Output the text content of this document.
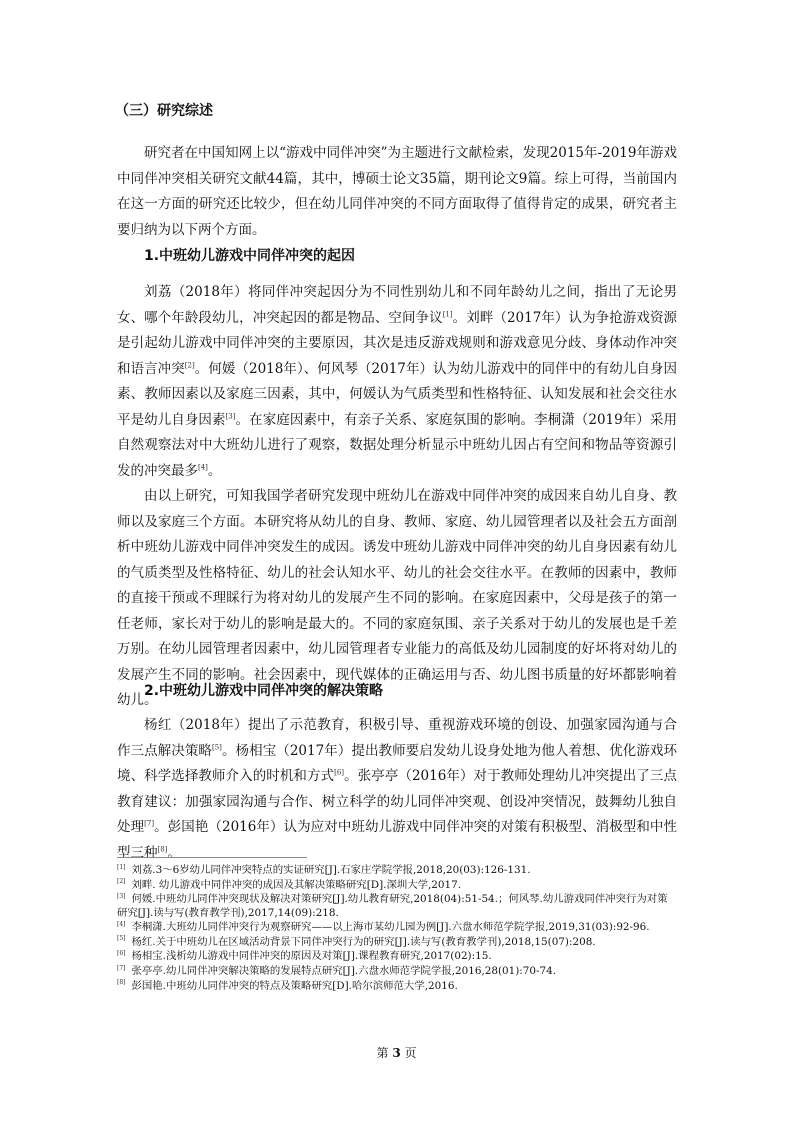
（三）研究综述

研究者在中国知网上以“游戏中同伴冲突”为主题进行文献检索，发现2015年-2019年游戏中同伴冲突相关研究文献44篇，其中，博硕士论文35篇，期刊论文9篇。综上可得，当前国内在这一方面的研究还比较少，但在幼儿同伴冲突的不同方面取得了值得肯定的成果，研究者主要归纳为以下两个方面。

1.中班幼儿游戏中同伴冲突的起因

刘荔（2018年）将同伴冲突起因分为不同性别幼儿和不同年龄幼儿之间，指出了无论男女、哪个年龄段幼儿，冲突起因的都是物品、空间争议[1]。刘畔（2017年）认为争抢游戏资源是引起幼儿游戏中同伴冲突的主要原因，其次是违反游戏规则和游戏意见分歧、身体动作冲突和语言冲突[2]。何媛（2018年）、何风琴（2017年）认为幼儿游戏中的同伴中的有幼儿自身因素、教师因素以及家庭三因素，其中，何媛认为气质类型和性格特征、认知发展和社会交往水平是幼儿自身因素[3]。在家庭因素中，有亲子关系、家庭氛围的影响。李桐潇（2019年）采用自然观察法对中大班幼儿进行了观察，数据处理分析显示中班幼儿因占有空间和物品等资源引发的冲突最多[4]。

由以上研究，可知我国学者研究发现中班幼儿在游戏中同伴冲突的成因来自幼儿自身、教师以及家庭三个方面。本研究将从幼儿的自身、教师、家庭、幼儿园管理者以及社会五方面剖析中班幼儿游戏中同伴冲突发生的成因。诱发中班幼儿游戏中同伴冲突的幼儿自身因素有幼儿的气质类型及性格特征、幼儿的社会认知水平、幼儿的社会交往水平。在教师的因素中，教师的直接干预或不理睬行为将对幼儿的发展产生不同的影响。在家庭因素中，父母是孩子的第一任老师，家长对于幼儿的影响是最大的。不同的家庭氛围、亲子关系对于幼儿的发展也是千差万别。在幼儿园管理者因素中，幼儿园管理者专业能力的高低及幼儿园制度的好坏将对幼儿的发展产生不同的影响。社会因素中，现代媒体的正确运用与否、幼儿图书质量的好坏都影响着幼儿。

2.中班幼儿游戏中同伴冲突的解决策略

杨红（2018年）提出了示范教育，积极引导、重视游戏环境的创设、加强家园沟通与合作三点解决策略[5]。杨相宝（2017年）提出教师要启发幼儿设身处地为他人着想、优化游戏环境、科学选择教师介入的时机和方式[6]。张亭亭（2016年）对于教师处理幼儿冲突提出了三点教育建议：加强家园沟通与合作、树立科学的幼儿同伴冲突观、创设冲突情况，鼓舞幼儿独自处理[7]。彭国艳（2016年）认为应对中班幼儿游戏中同伴冲突的对策有积极型、消极型和中性型三种[8]。

[1] 刘荔.3～6岁幼儿同伴冲突特点的实证研究[J].石家庄学院学报,2018,20(03):126-131.
[2] 刘畔. 幼儿游戏中同伴冲突的成因及其解决策略研究[D].深圳大学,2017.
[3] 何媛.中班幼儿同伴冲突现状及解决对策研究[J].幼儿教育研究,2018(04):51-54.；何风琴.幼儿游戏同伴冲突行为对策研究[J].读与写(教育教学刊),2017,14(09):218.
[4] 李桐潇.大班幼儿同伴冲突行为观察研究——以上海市某幼儿园为例[J].六盘水师范学院学报,2019,31(03):92-96.
[5] 杨红.关于中班幼儿在区域活动背景下同伴冲突行为的研究[J].读与写(教育教学刊),2018,15(07):208.
[6] 杨相宝.浅析幼儿游戏中同伴冲突的原因及对策[J].课程教育研究,2017(02):15.
[7] 张亭亭.幼儿同伴冲突解决策略的发展特点研究[J].六盘水师范学院学报,2016,28(01):70-74.
[8] 彭国艳.中班幼儿同伴冲突的特点及策略研究[D].哈尔滨师范大学,2016.
第 3 页
